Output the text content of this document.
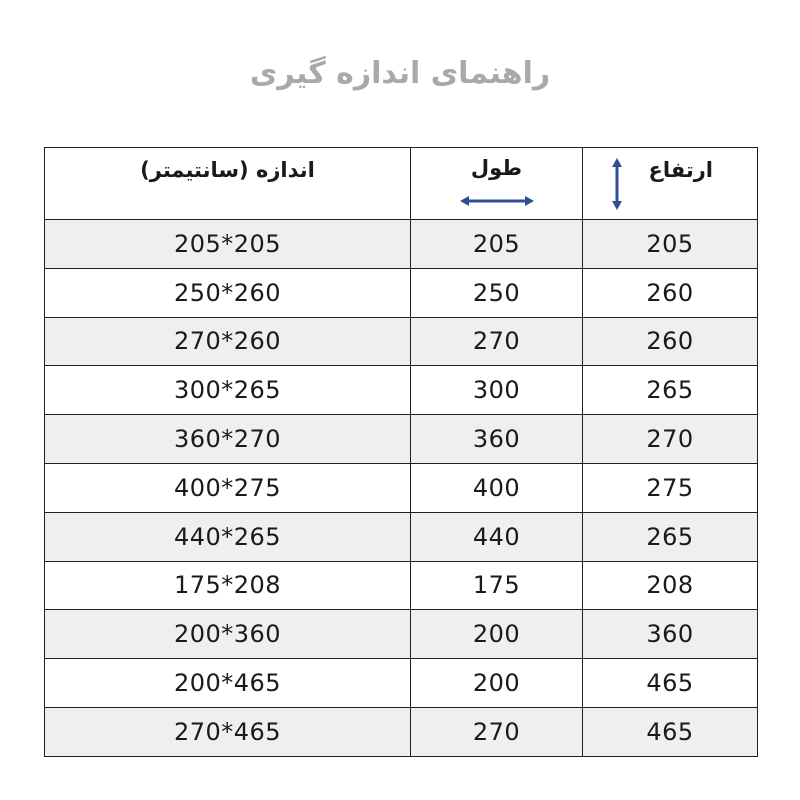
راهنمای اندازه گیری
اندازه (سانتیمتر)	طول	ارتفاع

205*205	205	205
250*260	250	260
270*260	270	260
300*265	300	265
360*270	360	270
400*275	400	275
440*265	440	265
175*208	175	208
200*360	200	360
200*465	200	465
270*465	270	465
